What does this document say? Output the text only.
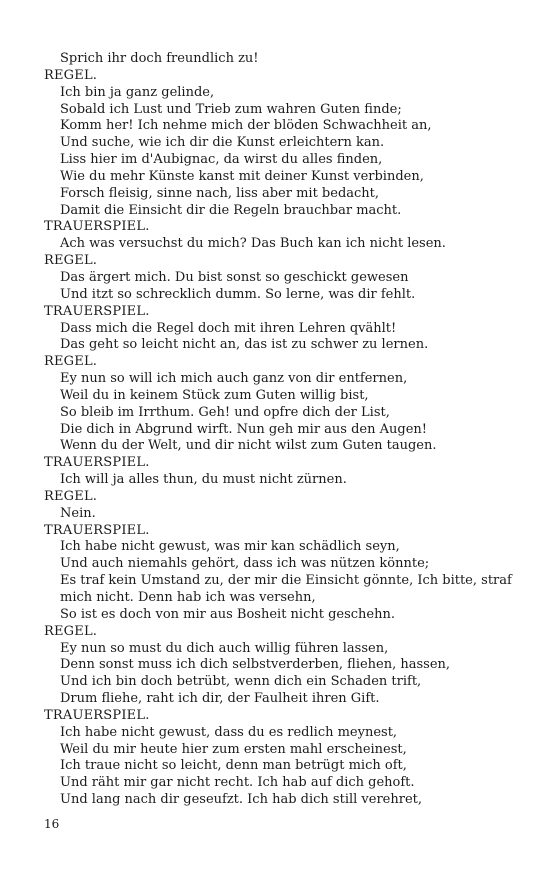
Sprich ihr doch freundlich zu!
REGEL.
Ich bin ja ganz gelinde,
Sobald ich Lust und Trieb zum wahren Guten finde;
Komm her! Ich nehme mich der blöden Schwachheit an,
Und suche, wie ich dir die Kunst erleichtern kan.
Liss hier im d'Aubignac, da wirst du alles finden,
Wie du mehr Künste kanst mit deiner Kunst verbinden,
Forsch fleisig, sinne nach, liss aber mit bedacht,
Damit die Einsicht dir die Regeln brauchbar macht.
TRAUERSPIEL.
Ach was versuchst du mich? Das Buch kan ich nicht lesen.
REGEL.
Das ärgert mich. Du bist sonst so geschickt gewesen
Und itzt so schrecklich dumm. So lerne, was dir fehlt.
TRAUERSPIEL.
Dass mich die Regel doch mit ihren Lehren qvählt!
Das geht so leicht nicht an, das ist zu schwer zu lernen.
REGEL.
Ey nun so will ich mich auch ganz von dir entfernen,
Weil du in keinem Stück zum Guten willig bist,
So bleib im Irrthum. Geh! und opfre dich der List,
Die dich in Abgrund wirft. Nun geh mir aus den Augen!
Wenn du der Welt, und dir nicht wilst zum Guten taugen.
TRAUERSPIEL.
Ich will ja alles thun, du must nicht zürnen.
REGEL.
Nein.
TRAUERSPIEL.
Ich habe nicht gewust, was mir kan schädlich seyn,
Und auch niemahls gehört, dass ich was nützen könnte;
Es traf kein Umstand zu, der mir die Einsicht gönnte, Ich bitte, straf
mich nicht. Denn hab ich was versehn,
So ist es doch von mir aus Bosheit nicht geschehn.
REGEL.
Ey nun so must du dich auch willig führen lassen,
Denn sonst muss ich dich selbstverderben, fliehen, hassen,
Und ich bin doch betrübt, wenn dich ein Schaden trift,
Drum fliehe, raht ich dir, der Faulheit ihren Gift.
TRAUERSPIEL.
Ich habe nicht gewust, dass du es redlich meynest,
Weil du mir heute hier zum ersten mahl erscheinest,
Ich traue nicht so leicht, denn man betrügt mich oft,
Und räht mir gar nicht recht. Ich hab auf dich gehoft.
Und lang nach dir geseufzt. Ich hab dich still verehret,
16
